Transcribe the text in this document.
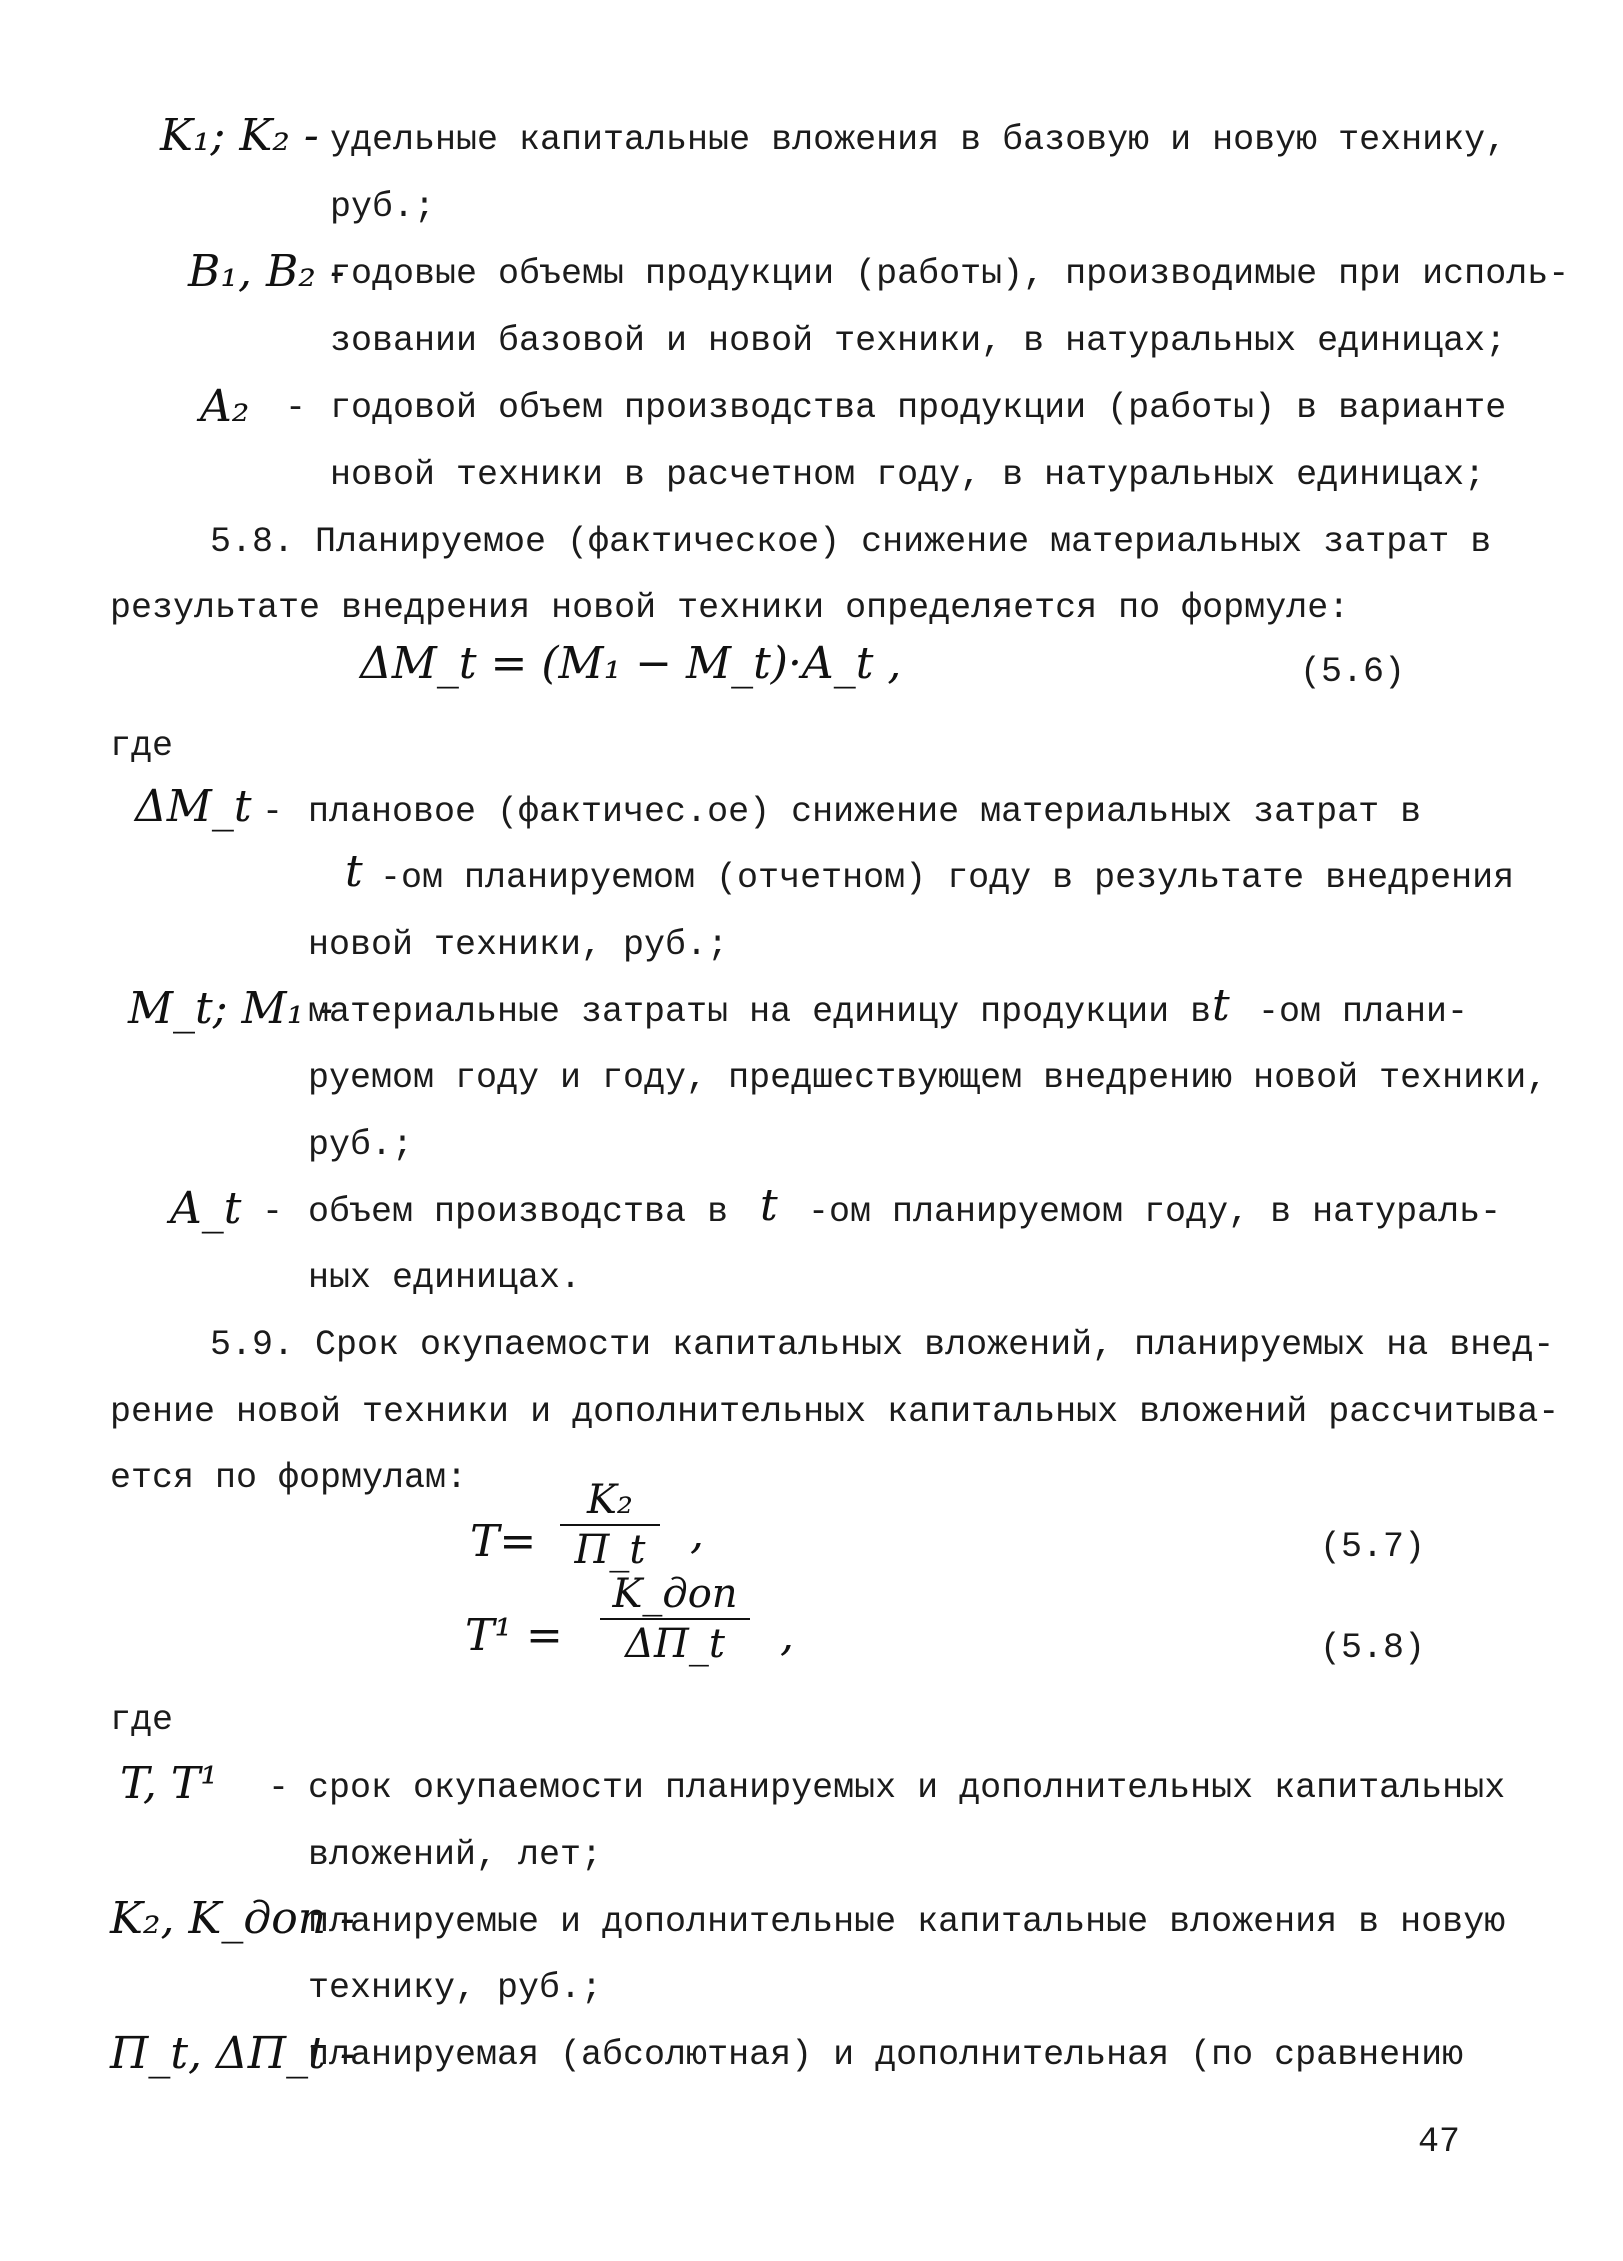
K₁; K₂ - удельные капитальные вложения в базовую и новую технику,
руб.;
B₁, B₂ -
годовые объемы продукции (работы), производимые при исполь-
зовании базовой и новой техники, в натуральных единицах;
A₂ - годовой объем производства продукции (работы) в варианте
новой техники в расчетном году, в натуральных единицах;
5.8. Планируемое (фактическое) снижение материальных затрат в
результате внедрения новой техники определяется по формуле:
ΔM_t = (M₁ − M_t)·A_t ,	(5.6)
где
ΔM_t - плановое (фактичес.ое) снижение материальных затрат в
t -ом планируемом (отчетном) году в результате внедрения
новой техники, руб.;
M_t; M₁ -
материальные затраты на единицу продукции в t -ом плани-
руемом году и году, предшествующем внедрению новой техники,
руб.;
A_t - объем производства в t -ом планируемом году, в натураль-
ных единицах.
5.9. Срок окупаемости капитальных вложений, планируемых на внед-
рение новой техники и дополнительных капитальных вложений рассчитыва-
ется по формулам:
T=
K₂
П_t ,	(5.7)
T¹ =
K_доп
ΔП_t ,	(5.8)
где
T, T¹ - срок окупаемости планируемых и дополнительных капитальных
вложений, лет;
K₂, K_доп -
планируемые и дополнительные капитальные вложения в новую
технику, руб.;
П_t, ΔП_t -
планируемая (абсолютная) и дополнительная (по сравнению
47
